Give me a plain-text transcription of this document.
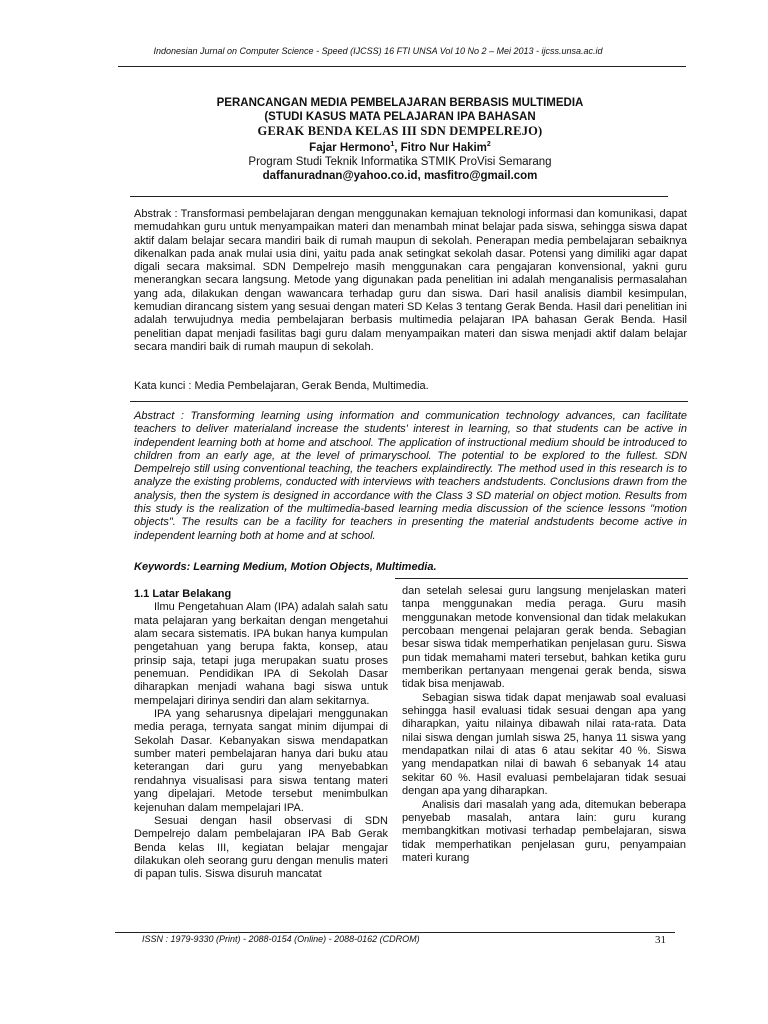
Indonesian Jurnal on Computer Science - Speed (IJCSS) 16 FTI UNSA Vol 10 No 2 – Mei 2013 - ijcss.unsa.ac.id
PERANCANGAN MEDIA PEMBELAJARAN BERBASIS MULTIMEDIA
(STUDI KASUS MATA PELAJARAN IPA BAHASAN
GERAK BENDA KELAS III SDN DEMPELREJO)
Fajar Hermono$^1$, Fitro Nur Hakim$^2$
Program Studi Teknik Informatika STMIK ProVisi Semarang
daffanuradnan@yahoo.co.id, masfitro@gmail.com
Abstrak : Transformasi pembelajaran dengan menggunakan kemajuan teknologi informasi dan komunikasi, dapat memudahkan guru untuk menyampaikan materi dan menambah minat belajar pada siswa, sehingga siswa dapat aktif dalam belajar secara mandiri baik di rumah maupun di sekolah. Penerapan media pembelajaran sebaiknya dikenalkan pada anak mulai usia dini, yaitu pada anak setingkat sekolah dasar. Potensi yang dimiliki agar dapat digali secara maksimal. SDN Dempelrejo masih menggunakan cara pengajaran konvensional, yakni guru menerangkan secara langsung. Metode yang digunakan pada penelitian ini adalah menganalisis permasalahan yang ada, dilakukan dengan wawancara terhadap guru dan siswa. Dari hasil analisis diambil kesimpulan, kemudian dirancang sistem yang sesuai dengan materi SD Kelas 3 tentang Gerak Benda. Hasil dari penelitian ini adalah terwujudnya media pembelajaran berbasis multimedia pelajaran IPA bahasan Gerak Benda. Hasil penelitian dapat menjadi fasilitas bagi guru dalam menyampaikan materi dan siswa menjadi aktif dalam belajar secara mandiri baik di rumah maupun di sekolah.
Kata kunci : Media Pembelajaran, Gerak Benda, Multimedia.
Abstract : Transforming learning using information and communication technology advances, can facilitate teachers to deliver materialand increase the students' interest in learning, so that students can be active in independent learning both at home and atschool. The application of instructional medium should be introduced to children from an early age, at the level of primaryschool. The potential to be explored to the fullest. SDN Dempelrejo still using conventional teaching, the teachers explaindirectly. The method used in this research is to analyze the existing problems, conducted with interviews with teachers andstudents. Conclusions drawn from the analysis, then the system is designed in accordance with the Class 3 SD material on object motion. Results from this study is the realization of the multimedia-based learning media discussion of the science lessons "motion objects". The results can be a facility for teachers in presenting the material andstudents become active in independent learning both at home and at school.
Keywords: Learning Medium, Motion Objects, Multimedia.

1.1 Latar Belakang

Ilmu Pengetahuan Alam (IPA) adalah salah satu mata pelajaran yang berkaitan dengan mengetahui alam secara sistematis. IPA bukan hanya kumpulan pengetahuan yang berupa fakta, konsep, atau prinsip saja, tetapi juga merupakan suatu proses penemuan. Pendidikan IPA di Sekolah Dasar diharapkan menjadi wahana bagi siswa untuk mempelajari dirinya sendiri dan alam sekitarnya.

IPA yang seharusnya dipelajari menggunakan media peraga, ternyata sangat minim dijumpai di Sekolah Dasar. Kebanyakan siswa mendapatkan sumber materi pembelajaran hanya dari buku atau keterangan dari guru yang menyebabkan rendahnya visualisasi para siswa tentang materi yang dipelajari. Metode tersebut menimbulkan kejenuhan dalam mempelajari IPA.

Sesuai dengan hasil observasi di SDN Dempelrejo dalam pembelajaran IPA Bab Gerak Benda kelas III, kegiatan belajar mengajar dilakukan oleh seorang guru dengan menulis materi di papan tulis. Siswa disuruh mancatat

dan setelah selesai guru langsung menjelaskan materi tanpa menggunakan media peraga. Guru masih menggunakan metode konvensional dan tidak melakukan percobaan mengenai pelajaran gerak benda. Sebagian besar siswa tidak memperhatikan penjelasan guru. Siswa pun tidak memahami materi tersebut, bahkan ketika guru memberikan pertanyaan mengenai gerak benda, siswa tidak bisa menjawab.

Sebagian siswa tidak dapat menjawab soal evaluasi sehingga hasil evaluasi tidak sesuai dengan apa yang diharapkan, yaitu nilainya dibawah nilai rata-rata. Data nilai siswa dengan jumlah siswa 25, hanya 11 siswa yang mendapatkan nilai di atas 6 atau sekitar 40 %. Siswa yang mendapatkan nilai di bawah 6 sebanyak 14 atau sekitar 60 %. Hasil evaluasi pembelajaran tidak sesuai dengan apa yang diharapkan.

Analisis dari masalah yang ada, ditemukan beberapa penyebab masalah, antara lain: guru kurang membangkitkan motivasi terhadap pembelajaran, siswa tidak memperhatikan penjelasan guru, penyampaian materi kurang

ISSN : 1979-9330 (Print) - 2088-0154 (Online) - 2088-0162 (CDROM)	31
